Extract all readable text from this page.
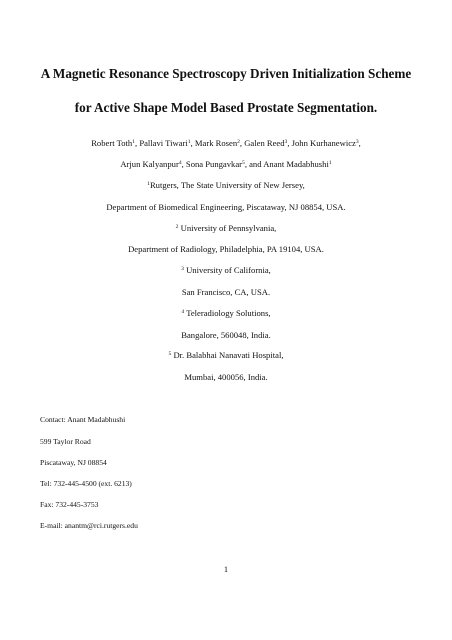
A Magnetic Resonance Spectroscopy Driven Initialization Scheme
for Active Shape Model Based Prostate Segmentation.
Robert Toth$^1$, Pallavi Tiwari$^1$, Mark Rosen$^2$, Galen Reed$^3$, John Kurhanewicz$^3$,
Arjun Kalyanpur$^4$, Sona Pungavkar$^5$, and Anant Madabhushi$^1$
$^1$Rutgers, The State University of New Jersey,
Department of Biomedical Engineering, Piscataway, NJ 08854, USA.
$^2$ University of Pennsylvania,
Department of Radiology, Philadelphia, PA 19104, USA.
$^3$ University of California,
San Francisco, CA, USA.
$^4$ Teleradiology Solutions,
Bangalore, 560048, India.
$^5$ Dr. Balabhai Nanavati Hospital,
Mumbai, 400056, India.
Contact: Anant Madabhushi
599 Taylor Road
Piscataway, NJ 08854
Tel: 732-445-4500 (ext. 6213)
Fax: 732-445-3753
E-mail: anantm@rci.rutgers.edu
1
